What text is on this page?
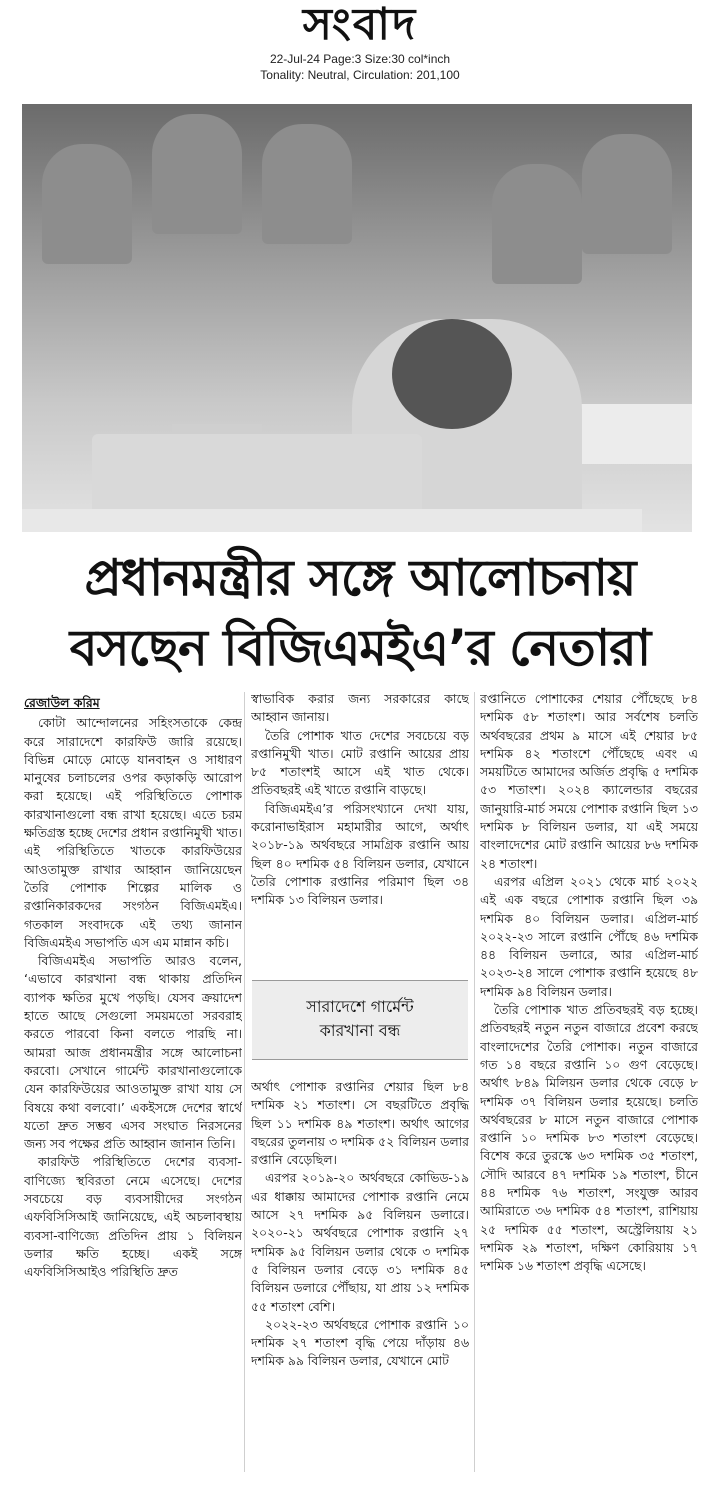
সংবাদ
22-Jul-24 Page:3 Size:30 col*inch
Tonality: Neutral, Circulation: 201,100
প্রধানমন্ত্রীর সঙ্গে আলোচনায়
বসছেন বিজিএমইএ’র নেতারা

রেজাউল করিম

কোটা আন্দোলনের সহিংসতাকে কেন্দ্র করে সারাদেশে কারফিউ জারি রয়েছে। বিভিন্ন মোড়ে মোড়ে যানবাহন ও সাধারণ মানুষের চলাচলের ওপর কড়াকড়ি আরোপ করা হয়েছে। এই পরিস্থিতিতে পোশাক কারখানাগুলো বন্ধ রাখা হয়েছে। এতে চরম ক্ষতিগ্রস্ত হচ্ছে দেশের প্রধান রপ্তানিমুখী খাত। এই পরিস্থিতিতে খাতকে কারফিউয়ের আওতামুক্ত রাখার আহ্বান জানিয়েছেন তৈরি পোশাক শিল্পের মালিক ও রপ্তানিকারকদের সংগঠন বিজিএমইএ। গতকাল সংবাদকে এই তথ্য জানান বিজিএমইএ সভাপতি এস এম মান্নান কচি।

বিজিএমইএ সভাপতি আরও বলেন, ‘এভাবে কারখানা বন্ধ থাকায় প্রতিদিন ব্যাপক ক্ষতির মুখে পড়ছি। যেসব ক্রয়াদেশ হাতে আছে সেগুলো সময়মতো সরবরাহ করতে পারবো কিনা বলতে পারছি না। আমরা আজ প্রধানমন্ত্রীর সঙ্গে আলোচনা করবো। সেখানে গার্মেন্ট কারখানাগুলোকে যেন কারফিউয়ের আওতামুক্ত রাখা যায় সে বিষয়ে কথা বলবো।’ একইসঙ্গে দেশের স্বার্থে যতো দ্রুত সম্ভব এসব সংঘাত নিরসনের জন্য সব পক্ষের প্রতি আহ্বান জানান তিনি।

কারফিউ পরিস্থিতিতে দেশের ব্যবসা-বাণিজ্যে স্থবিরতা নেমে এসেছে। দেশের সবচেয়ে বড় ব্যবসায়ীদের সংগঠন এফবিসিসিআই জানিয়েছে, এই অচলাবস্থায় ব্যবসা-বাণিজ্যে প্রতিদিন প্রায় ১ বিলিয়ন ডলার ক্ষতি হচ্ছে। একই সঙ্গে এফবিসিসিআইও পরিস্থিতি দ্রুত

স্বাভাবিক করার জন্য সরকারের কাছে আহ্বান জানায়।

তৈরি পোশাক খাত দেশের সবচেয়ে বড় রপ্তানিমুখী খাত। মোট রপ্তানি আয়ের প্রায় ৮৫ শতাংশই আসে এই খাত থেকে। প্রতিবছরই এই খাতে রপ্তানি বাড়ছে।

বিজিএমইএ’র পরিসংখ্যানে দেখা যায়, করোনাভাইরাস মহামারীর আগে, অর্থাৎ ২০১৮-১৯ অর্থবছরে সামগ্রিক রপ্তানি আয় ছিল ৪০ দশমিক ৫৪ বিলিয়ন ডলার, যেখানে তৈরি পোশাক রপ্তানির পরিমাণ ছিল ৩৪ দশমিক ১৩ বিলিয়ন ডলার।

সারাদেশে গার্মেন্ট
কারখানা বন্ধ

অর্থাৎ পোশাক রপ্তানির শেয়ার ছিল ৮৪ দশমিক ২১ শতাংশ। সে বছরটিতে প্রবৃদ্ধি ছিল ১১ দশমিক ৪৯ শতাংশ। অর্থাৎ আগের বছরের তুলনায় ৩ দশমিক ৫২ বিলিয়ন ডলার রপ্তানি বেড়েছিল।

এরপর ২০১৯-২০ অর্থবছরে কোভিড-১৯ এর ধাক্কায় আমাদের পোশাক রপ্তানি নেমে আসে ২৭ দশমিক ৯৫ বিলিয়ন ডলারে। ২০২০-২১ অর্থবছরে পোশাক রপ্তানি ২৭ দশমিক ৯৫ বিলিয়ন ডলার থেকে ৩ দশমিক ৫ বিলিয়ন ডলার বেড়ে ৩১ দশমিক ৪৫ বিলিয়ন ডলারে পৌঁছায়, যা প্রায় ১২ দশমিক ৫৫ শতাংশ বেশি।

২০২২-২৩ অর্থবছরে পোশাক রপ্তানি ১০ দশমিক ২৭ শতাংশ বৃদ্ধি পেয়ে দাঁড়ায় ৪৬ দশমিক ৯৯ বিলিয়ন ডলার, যেখানে মোট

রপ্তানিতে পোশাকের শেয়ার পৌঁছেছে ৮৪ দশমিক ৫৮ শতাংশ। আর সর্বশেষ চলতি অর্থবছরের প্রথম ৯ মাসে এই শেয়ার ৮৫ দশমিক ৪২ শতাংশে পৌঁছেছে এবং এ সময়টিতে আমাদের অর্জিত প্রবৃদ্ধি ৫ দশমিক ৫৩ শতাংশ। ২০২৪ ক্যালেন্ডার বছরের জানুয়ারি-মার্চ সময়ে পোশাক রপ্তানি ছিল ১৩ দশমিক ৮ বিলিয়ন ডলার, যা এই সময়ে বাংলাদেশের মোট রপ্তানি আয়ের ৮৬ দশমিক ২৪ শতাংশ।

এরপর এপ্রিল ২০২১ থেকে মার্চ ২০২২ এই এক বছরে পোশাক রপ্তানি ছিল ৩৯ দশমিক ৪০ বিলিয়ন ডলার। এপ্রিল-মার্চ ২০২২-২৩ সালে রপ্তানি পৌঁছে ৪৬ দশমিক ৪৪ বিলিয়ন ডলারে, আর এপ্রিল-মার্চ ২০২৩-২৪ সালে পোশাক রপ্তানি হয়েছে ৪৮ দশমিক ৯৪ বিলিয়ন ডলার।

তৈরি পোশাক খাত প্রতিবছরই বড় হচ্ছে। প্রতিবছরই নতুন নতুন বাজারে প্রবেশ করছে বাংলাদেশের তৈরি পোশাক। নতুন বাজারে গত ১৪ বছরে রপ্তানি ১০ গুণ বেড়েছে। অর্থাৎ ৮৪৯ মিলিয়ন ডলার থেকে বেড়ে ৮ দশমিক ৩৭ বিলিয়ন ডলার হয়েছে। চলতি অর্থবছরের ৮ মাসে নতুন বাজারে পোশাক রপ্তানি ১০ দশমিক ৮৩ শতাংশ বেড়েছে। বিশেষ করে তুরস্কে ৬৩ দশমিক ৩৫ শতাংশ, সৌদি আরবে ৪৭ দশমিক ১৯ শতাংশ, চীনে ৪৪ দশমিক ৭৬ শতাংশ, সংযুক্ত আরব আমিরাতে ৩৬ দশমিক ৫৪ শতাংশ, রাশিয়ায় ২৫ দশমিক ৫৫ শতাংশ, অস্ট্রেলিয়ায় ২১ দশমিক ২৯ শতাংশ, দক্ষিণ কোরিয়ায় ১৭ দশমিক ১৬ শতাংশ প্রবৃদ্ধি এসেছে।
